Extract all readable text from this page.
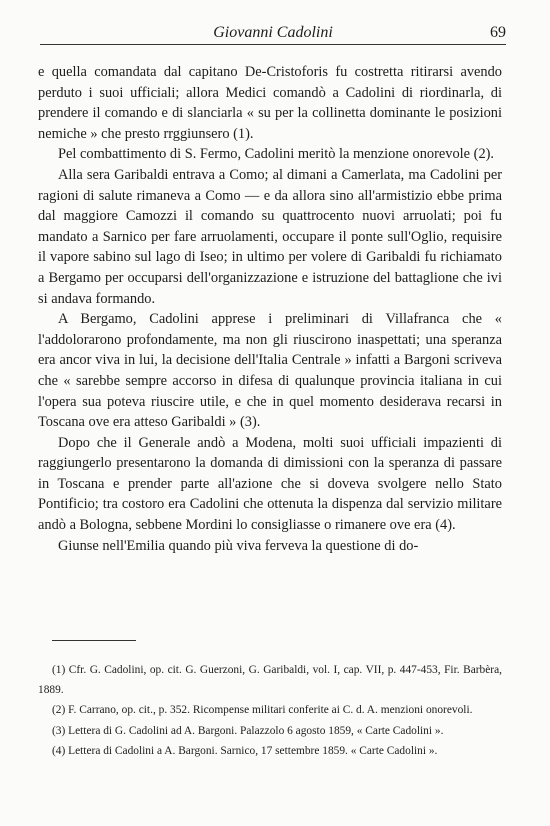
Giovanni Cadolini	69

e quella comandata dal capitano De-Cristoforis fu costretta ritirarsi avendo perduto i suoi ufficiali; allora Medici comandò a Cadolini di riordinarla, di prendere il comando e di slanciarla « su per la collinetta dominante le posizioni nemiche » che presto rrggiunsero (1).

Pel combattimento di S. Fermo, Cadolini meritò la menzione onorevole (2).

Alla sera Garibaldi entrava a Como; al dimani a Camerlata, ma Cadolini per ragioni di salute rimaneva a Como — e da allora sino all'armistizio ebbe prima dal maggiore Camozzi il comando su quattrocento nuovi arruolati; poi fu mandato a Sarnico per fare arruolamenti, occupare il ponte sull'Oglio, requisire il vapore sabino sul lago di Iseo; in ultimo per volere di Garibaldi fu richiamato a Bergamo per occuparsi dell'organizzazione e istruzione del battaglione che ivi si andava formando.

A Bergamo, Cadolini apprese i preliminari di Villafranca che « l'addolorarono profondamente, ma non gli riuscirono inaspettati; una speranza era ancor viva in lui, la decisione dell'Italia Centrale » infatti a Bargoni scriveva che « sarebbe sempre accorso in difesa di qualunque provincia italiana in cui l'opera sua poteva riuscire utile, e che in quel momento desiderava recarsi in Toscana ove era atteso Garibaldi » (3).

Dopo che il Generale andò a Modena, molti suoi ufficiali impazienti di raggiungerlo presentarono la domanda di dimissioni con la speranza di passare in Toscana e prender parte all'azione che si doveva svolgere nello Stato Pontificio; tra costoro era Cadolini che ottenuta la dispenza dal servizio militare andò a Bologna, sebbene Mordini lo consigliasse o rimanere ove era (4).

Giunse nell'Emilia quando più viva ferveva la questione di do-

(1) Cfr. G. Cadolini, op. cit. G. Guerzoni, G. Garibaldi, vol. I, cap. VII, p. 447-453, Fir. Barbèra, 1889.

(2) F. Carrano, op. cit., p. 352. Ricompense militari conferite ai C. d. A. menzioni onorevoli.

(3) Lettera di G. Cadolini ad A. Bargoni. Palazzolo 6 agosto 1859, « Carte Cadolini ».

(4) Lettera di Cadolini a A. Bargoni. Sarnico, 17 settembre 1859. « Carte Cadolini ».
